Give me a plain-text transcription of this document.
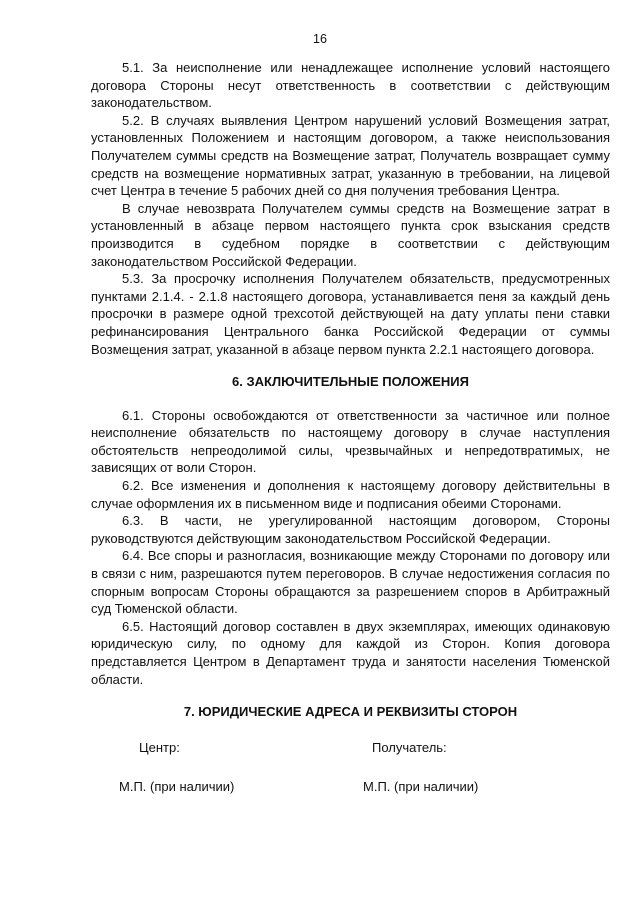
16

5.1. За неисполнение или ненадлежащее исполнение условий настоящего договора Стороны несут ответственность в соответствии с действующим законодательством.

5.2. В случаях выявления Центром нарушений условий Возмещения затрат, установленных Положением и настоящим договором, а также неиспользования Получателем суммы средств на Возмещение затрат, Получатель возвращает сумму средств на возмещение нормативных затрат, указанную в требовании, на лицевой счет Центра в течение 5 рабочих дней со дня получения требования Центра.

В случае невозврата Получателем суммы средств на Возмещение затрат в установленный в абзаце первом настоящего пункта срок взыскания средств производится в судебном порядке в соответствии с действующим законодательством Российской Федерации.

5.3. За просрочку исполнения Получателем обязательств, предусмотренных пунктами 2.1.4. - 2.1.8 настоящего договора, устанавливается пеня за каждый день просрочки в размере одной трехсотой действующей на дату уплаты пени ставки рефинансирования Центрального банка Российской Федерации от суммы Возмещения затрат, указанной в абзаце первом пункта 2.2.1 настоящего договора.

6. ЗАКЛЮЧИТЕЛЬНЫЕ ПОЛОЖЕНИЯ

6.1. Стороны освобождаются от ответственности за частичное или полное неисполнение обязательств по настоящему договору в случае наступления обстоятельств непреодолимой силы, чрезвычайных и непредотвратимых, не зависящих от воли Сторон.

6.2. Все изменения и дополнения к настоящему договору действительны в случае оформления их в письменном виде и подписания обеими Сторонами.

6.3. В части, не урегулированной настоящим договором, Стороны руководствуются действующим законодательством Российской Федерации.

6.4. Все споры и разногласия, возникающие между Сторонами по договору или в связи с ним, разрешаются путем переговоров. В случае недостижения согласия по спорным вопросам Стороны обращаются за разрешением споров в Арбитражный суд Тюменской области.

6.5. Настоящий договор составлен в двух экземплярах, имеющих одинаковую юридическую силу, по одному для каждой из Сторон. Копия договора представляется Центром в Департамент труда и занятости населения Тюменской области.

7. ЮРИДИЧЕСКИЕ АДРЕСА И РЕКВИЗИТЫ СТОРОН
Центр:	Получатель:
М.П. (при наличии)	М.П. (при наличии)
